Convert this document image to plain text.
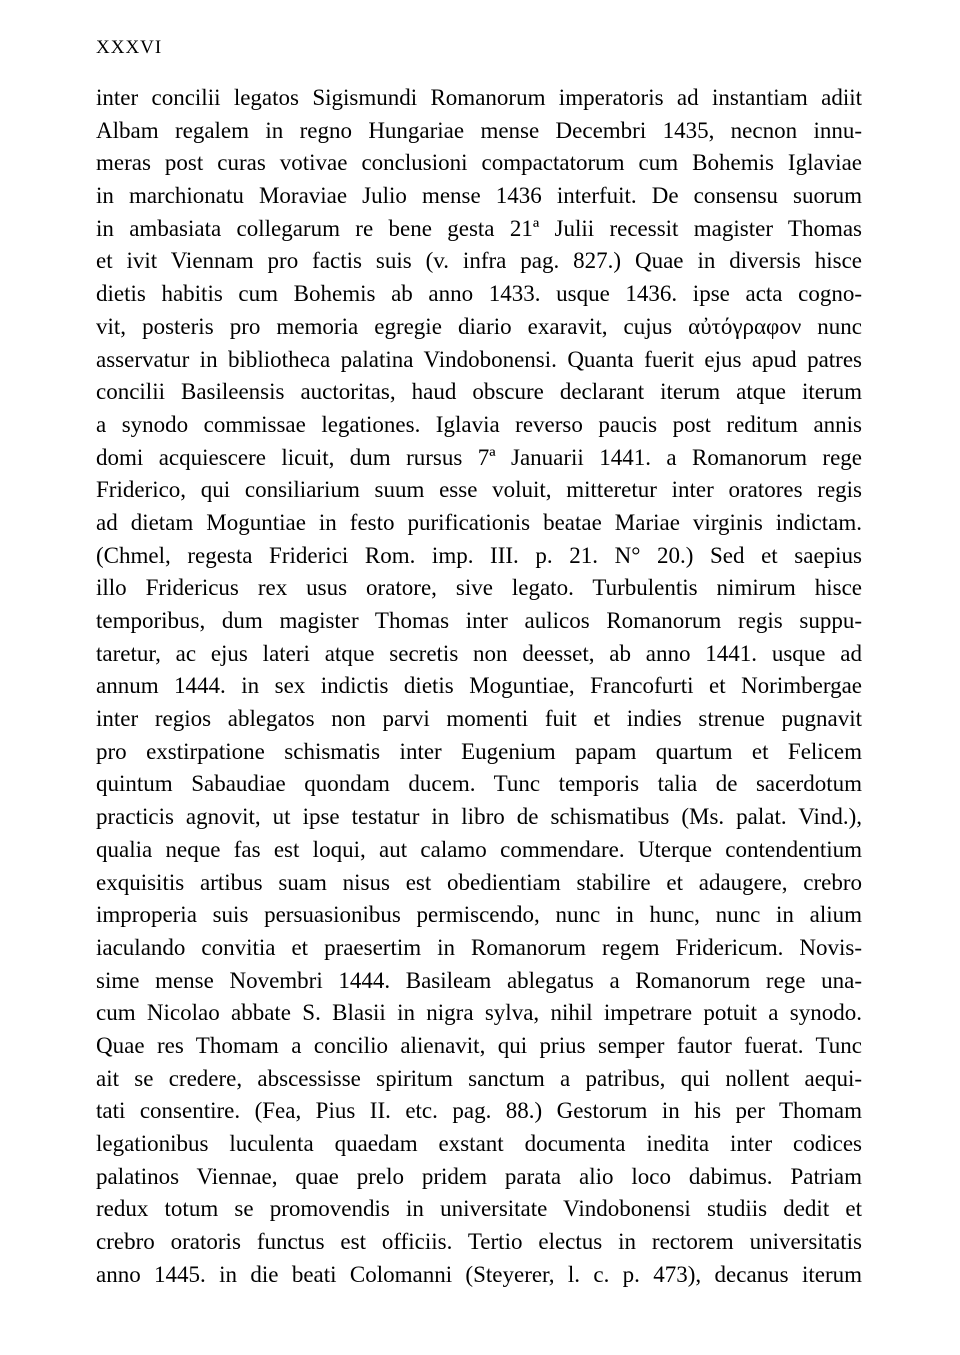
XXXVI
inter concilii legatos Sigismundi Romanorum imperatoris ad instantiam adiit
Albam regalem in regno Hungariae mense Decembri 1435, necnon innu-
meras post curas votivae conclusioni compactatorum cum Bohemis Iglaviae
in marchionatu Moraviae Julio mense 1436 interfuit. De consensu suorum
in ambasiata collegarum re bene gesta 21ª Julii recessit magister Thomas
et ivit Viennam pro factis suis (v. infra pag. 827.) Quae in diversis hisce
dietis habitis cum Bohemis ab anno 1433. usque 1436. ipse acta cogno-
vit, posteris pro memoria egregie diario exaravit, cujus αὐτόγραφον nunc
asservatur in bibliotheca palatina Vindobonensi. Quanta fuerit ejus apud patres
concilii Basileensis auctoritas, haud obscure declarant iterum atque iterum
a synodo commissae legationes. Iglavia reverso paucis post reditum annis
domi acquiescere licuit, dum rursus 7ª Januarii 1441. a Romanorum rege
Friderico, qui consiliarium suum esse voluit, mitteretur inter oratores regis
ad dietam Moguntiae in festo purificationis beatae Mariae virginis indictam.
(Chmel, regesta Friderici Rom. imp. III. p. 21. N° 20.) Sed et saepius
illo Fridericus rex usus oratore, sive legato. Turbulentis nimirum hisce
temporibus, dum magister Thomas inter aulicos Romanorum regis suppu-
taretur, ac ejus lateri atque secretis non deesset, ab anno 1441. usque ad
annum 1444. in sex indictis dietis Moguntiae, Francofurti et Norimbergae
inter regios ablegatos non parvi momenti fuit et indies strenue pugnavit
pro exstirpatione schismatis inter Eugenium papam quartum et Felicem
quintum Sabaudiae quondam ducem. Tunc temporis talia de sacerdotum
practicis agnovit, ut ipse testatur in libro de schismatibus (Ms. palat. Vind.),
qualia neque fas est loqui, aut calamo commendare. Uterque contendentium
exquisitis artibus suam nisus est obedientiam stabilire et adaugere, crebro
improperia suis persuasionibus permiscendo, nunc in hunc, nunc in alium
iaculando convitia et praesertim in Romanorum regem Fridericum. Novis-
sime mense Novembri 1444. Basileam ablegatus a Romanorum rege una-
cum Nicolao abbate S. Blasii in nigra sylva, nihil impetrare potuit a synodo.
Quae res Thomam a concilio alienavit, qui prius semper fautor fuerat. Tunc
ait se credere, abscessisse spiritum sanctum a patribus, qui nollent aequi-
tati consentire. (Fea, Pius II. etc. pag. 88.) Gestorum in his per Thomam
legationibus luculenta quaedam exstant documenta inedita inter codices
palatinos Viennae, quae prelo pridem parata alio loco dabimus. Patriam
redux totum se promovendis in universitate Vindobonensi studiis dedit et
crebro oratoris functus est officiis. Tertio electus in rectorem universitatis
anno 1445. in die beati Colomanni (Steyerer, l. c. p. 473), decanus iterum
